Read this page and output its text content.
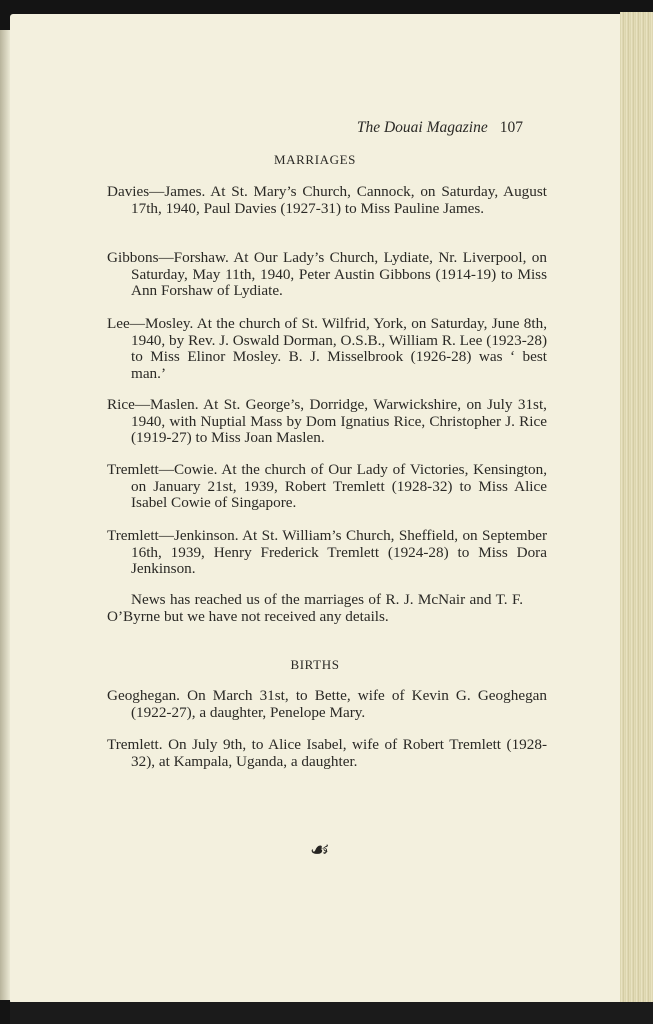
The Douai Magazine 107
MARRIAGES
Davies—James. At St. Mary’s Church, Cannock, on Saturday, August 17th, 1940, Paul Davies (1927-31) to Miss Pauline James.
Gibbons—Forshaw. At Our Lady’s Church, Lydiate, Nr. Liverpool, on Saturday, May 11th, 1940, Peter Austin Gibbons (1914-19) to Miss Ann Forshaw of Lydiate.
Lee—Mosley. At the church of St. Wilfrid, York, on Saturday, June 8th, 1940, by Rev. J. Oswald Dorman, O.S.B., William R. Lee (1923-28) to Miss Elinor Mosley. B. J. Misselbrook (1926-28) was ‘ best man.’
Rice—Maslen. At St. George’s, Dorridge, Warwickshire, on July 31st, 1940, with Nuptial Mass by Dom Ignatius Rice, Christopher J. Rice (1919-27) to Miss Joan Maslen.
Tremlett—Cowie. At the church of Our Lady of Victories, Kensington, on January 21st, 1939, Robert Tremlett (1928-32) to Miss Alice Isabel Cowie of Singapore.
Tremlett—Jenkinson. At St. William’s Church, Sheffield, on September 16th, 1939, Henry Frederick Tremlett (1924-28) to Miss Dora Jenkinson.
News has reached us of the marriages of R. J. McNair and T. F. O’Byrne but we have not received any details.
BIRTHS
Geoghegan. On March 31st, to Bette, wife of Kevin G. Geoghegan (1922-27), a daughter, Penelope Mary.
Tremlett. On July 9th, to Alice Isabel, wife of Robert Tremlett (1928-32), at Kampala, Uganda, a daughter.
☙
